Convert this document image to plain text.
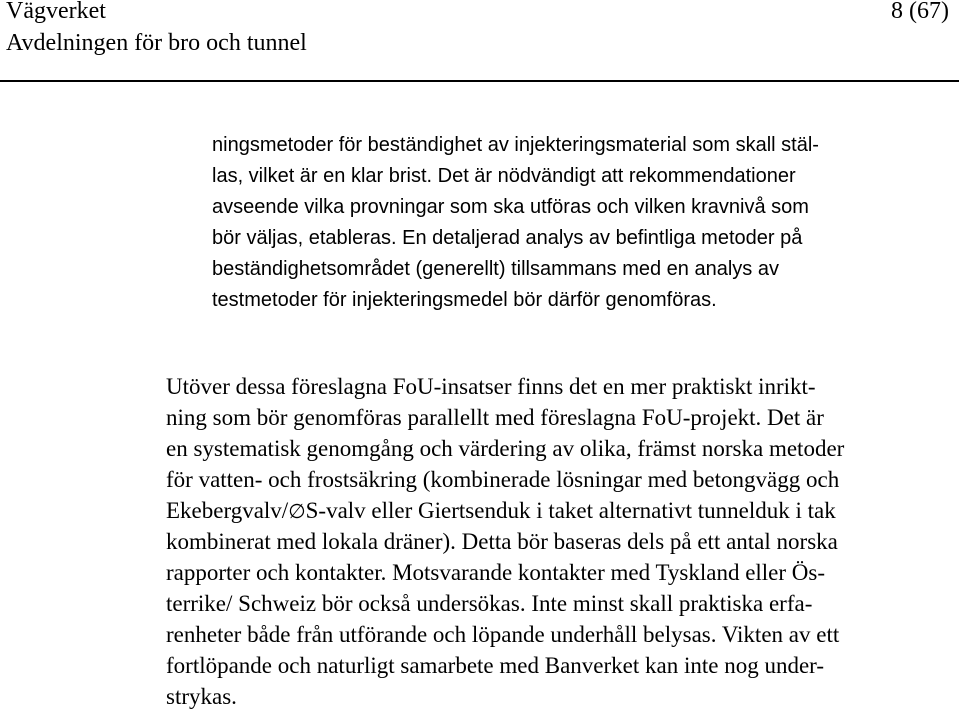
Vägverket
Avdelningen för bro och tunnel
8 (67)

ningsmetoder för beständighet av injekteringsmaterial som skall stäl-

las, vilket är en klar brist. Det är nödvändigt att rekommendationer

avseende vilka provningar som ska utföras och vilken kravnivå som

bör väljas, etableras. En detaljerad analys av befintliga metoder på

beständighetsområdet (generellt) tillsammans med en analys av

testmetoder för injekteringsmedel bör därför genomföras.

Utöver dessa föreslagna FoU-insatser finns det en mer praktiskt inrikt-

ning som bör genomföras parallellt med föreslagna FoU-projekt. Det är

en systematisk genomgång och värdering av olika, främst norska metoder

för vatten- och frostsäkring (kombinerade lösningar med betongvägg och

Ekebergvalv/∅S-valv eller Giertsenduk i taket alternativt tunnelduk i tak

kombinerat med lokala dräner). Detta bör baseras dels på ett antal norska

rapporter och kontakter. Motsvarande kontakter med Tyskland eller Ös-

terrike/ Schweiz bör också undersökas. Inte minst skall praktiska erfa-

renheter både från utförande och löpande underhåll belysas. Vikten av ett

fortlöpande och naturligt samarbete med Banverket kan inte nog under-

strykas.
